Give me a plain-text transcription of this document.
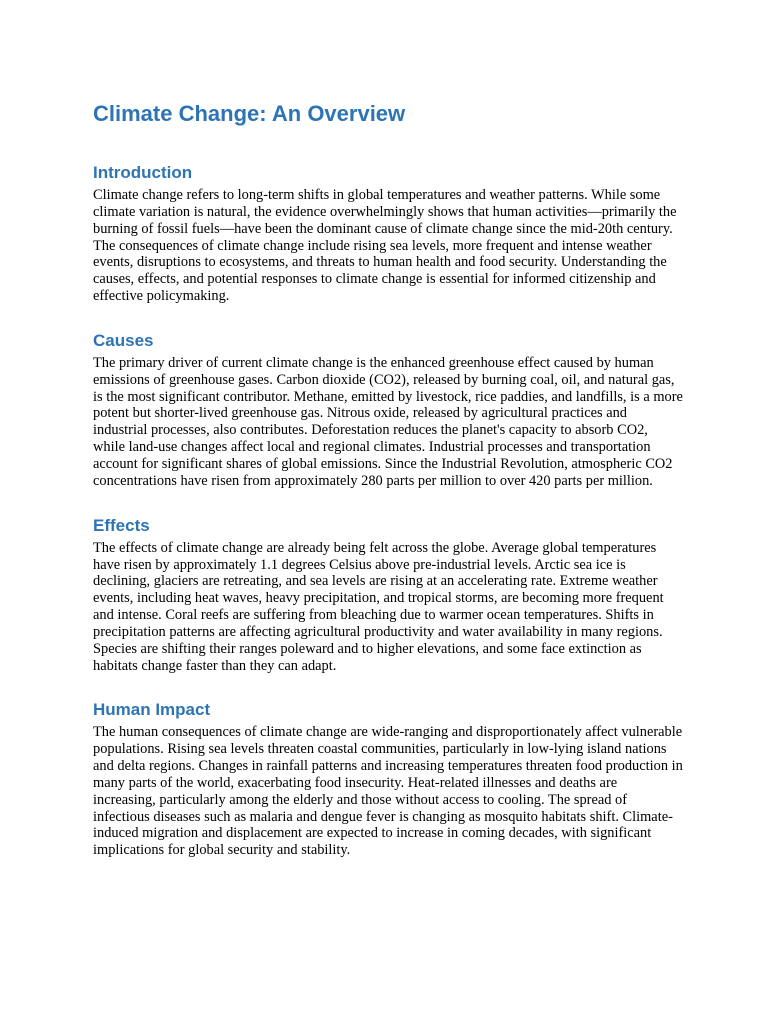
Climate Change: An Overview
Introduction

Climate change refers to long-term shifts in global temperatures and weather patterns. While some climate variation is natural, the evidence overwhelmingly shows that human activities—primarily the burning of fossil fuels—have been the dominant cause of climate change since the mid-20th century. The consequences of climate change include rising sea levels, more frequent and intense weather events, disruptions to ecosystems, and threats to human health and food security. Understanding the causes, effects, and potential responses to climate change is essential for informed citizenship and effective policymaking.

Causes

The primary driver of current climate change is the enhanced greenhouse effect caused by human emissions of greenhouse gases. Carbon dioxide (CO2), released by burning coal, oil, and natural gas, is the most significant contributor. Methane, emitted by livestock, rice paddies, and landfills, is a more potent but shorter-lived greenhouse gas. Nitrous oxide, released by agricultural practices and industrial processes, also contributes. Deforestation reduces the planet's capacity to absorb CO2, while land-use changes affect local and regional climates. Industrial processes and transportation account for significant shares of global emissions. Since the Industrial Revolution, atmospheric CO2 concentrations have risen from approximately 280 parts per million to over 420 parts per million.

Effects

The effects of climate change are already being felt across the globe. Average global temperatures have risen by approximately 1.1 degrees Celsius above pre-industrial levels. Arctic sea ice is declining, glaciers are retreating, and sea levels are rising at an accelerating rate. Extreme weather events, including heat waves, heavy precipitation, and tropical storms, are becoming more frequent and intense. Coral reefs are suffering from bleaching due to warmer ocean temperatures. Shifts in precipitation patterns are affecting agricultural productivity and water availability in many regions. Species are shifting their ranges poleward and to higher elevations, and some face extinction as habitats change faster than they can adapt.

Human Impact

The human consequences of climate change are wide-ranging and disproportionately affect vulnerable populations. Rising sea levels threaten coastal communities, particularly in low-lying island nations and delta regions. Changes in rainfall patterns and increasing temperatures threaten food production in many parts of the world, exacerbating food insecurity. Heat-related illnesses and deaths are increasing, particularly among the elderly and those without access to cooling. The spread of infectious diseases such as malaria and dengue fever is changing as mosquito habitats shift. Climate-induced migration and displacement are expected to increase in coming decades, with significant implications for global security and stability.
